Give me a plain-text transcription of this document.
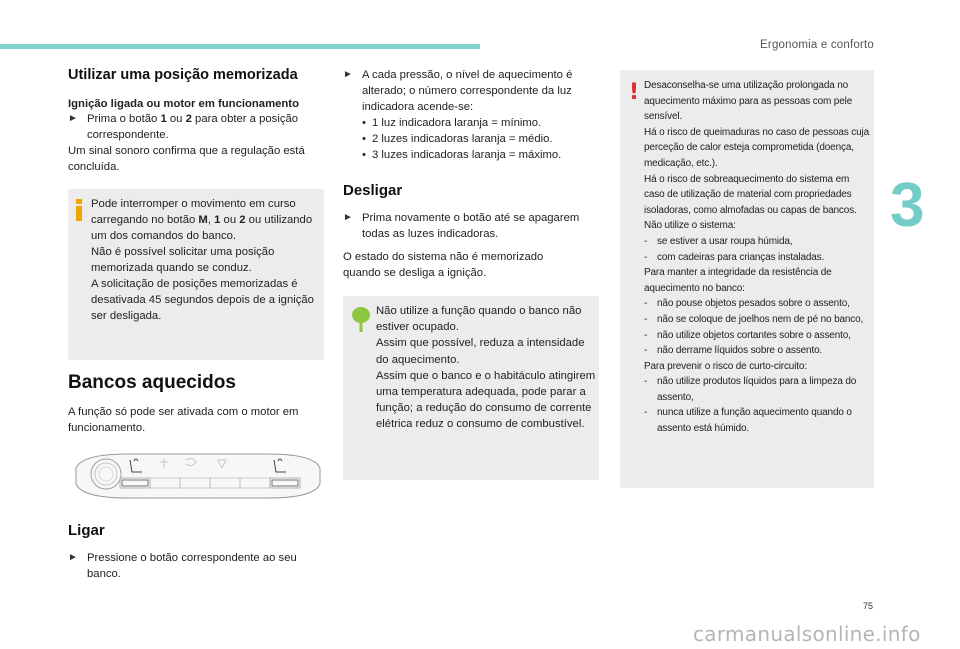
Ergonomia e conforto
3
Utilizar uma posição memorizada

Ignição ligada ou motor em funcionamento

► Prima o botão 1 ou 2 para obter a posição correspondente.

Um sinal sonoro confirma que a regulação está concluída.

Pode interromper o movimento em curso carregando no botão M, 1 ou 2 ou utilizando um dos comandos do banco.

Não é possível solicitar uma posição memorizada quando se conduz.

A solicitação de posições memorizadas é desativada 45 segundos depois de a ignição ser desligada.

Bancos aquecidos

A função só pode ser ativada com o motor em funcionamento.

Ligar
► Pressione o botão correspondente ao seu banco.
► A cada pressão, o nível de aquecimento é alterado; o número correspondente da luz indicadora acende-se:
• 1 luz indicadora laranja = mínimo.
• 2 luzes indicadoras laranja = médio.
• 3 luzes indicadoras laranja = máximo.
Desligar
► Prima novamente o botão até se apagarem todas as luzes indicadoras.

O estado do sistema não é memorizado quando se desliga a ignição.

Não utilize a função quando o banco não estiver ocupado.
Assim que possível, reduza a intensidade do aquecimento.
Assim que o banco e o habitáculo atingirem uma temperatura adequada, pode parar a função; a redução do consumo de corrente elétrica reduz o consumo de combustível.

! Desaconselha-se uma utilização prolongada no aquecimento máximo para as pessoas com pele sensível.
Há o risco de queimaduras no caso de pessoas cuja perceção de calor esteja comprometida (doença, medicação, etc.).
Há o risco de sobreaquecimento do sistema em caso de utilização de material com propriedades isoladoras, como almofadas ou capas de bancos.
Não utilize o sistema:
- se estiver a usar roupa húmida,
- com cadeiras para crianças instaladas.
Para manter a integridade da resistência de aquecimento no banco:
- não pouse objetos pesados sobre o assento,
- não se coloque de joelhos nem de pé no banco,
- não utilize objetos cortantes sobre o assento,
- não derrame líquidos sobre o assento.
Para prevenir o risco de curto-circuito:
- não utilize produtos líquidos para a limpeza do assento,
- nunca utilize a função aquecimento quando o assento está húmido.
75
carmanualsonline.info
